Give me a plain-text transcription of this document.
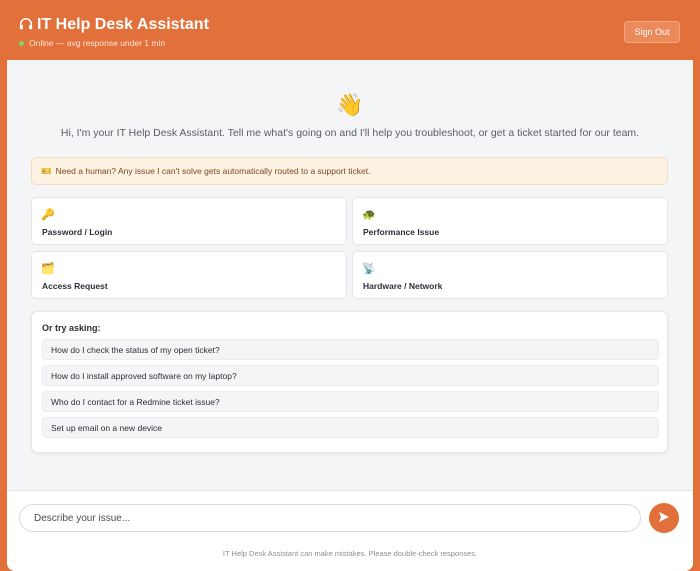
IT Help Desk Assistant
Online — avg response under 1 min
Sign Out
👋
Hi, I'm your IT Help Desk Assistant. Tell me what's going on and I'll help you troubleshoot, or get a ticket started for our team.
🎫 Need a human? Any issue I can't solve gets automatically routed to a support ticket.
🔑
Password / Login
🐢
Performance Issue
🗂️
Access Request
📡
Hardware / Network
Or try asking:
How do I check the status of my open ticket?
How do I install approved software on my laptop?
Who do I contact for a Redmine ticket issue?
Set up email on a new device
Describe your issue...
IT Help Desk Assistant can make mistakes. Please double-check responses.
